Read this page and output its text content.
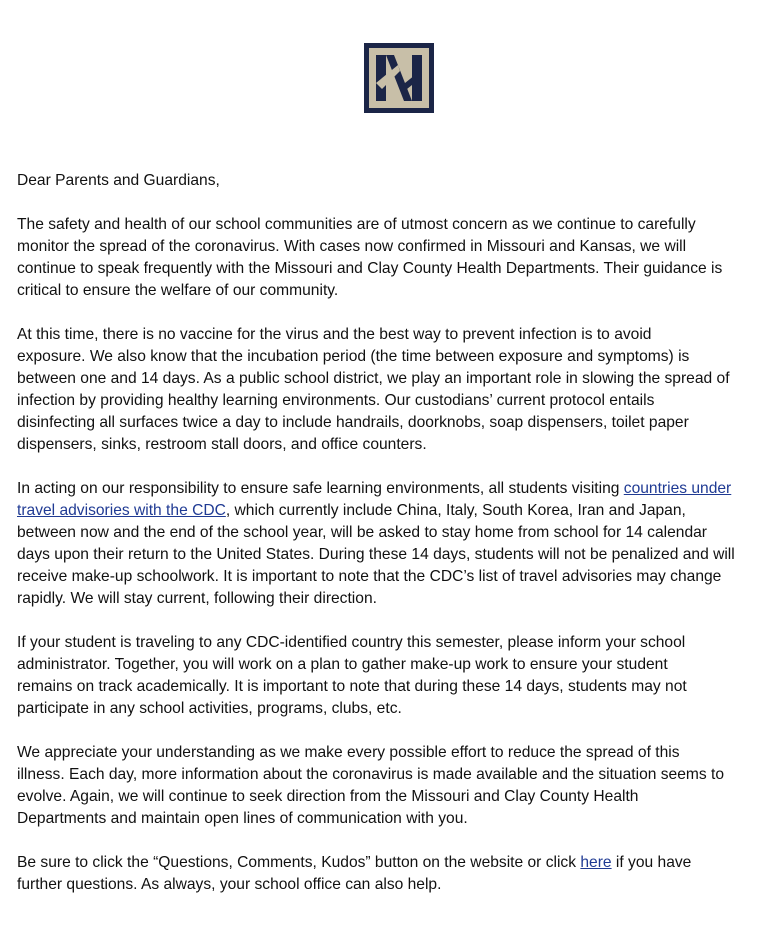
Dear Parents and Guardians,

The safety and health of our school communities are of utmost concern as we continue to carefully
monitor the spread of the coronavirus. With cases now confirmed in Missouri and Kansas, we will
continue to speak frequently with the Missouri and Clay County Health Departments. Their guidance is
critical to ensure the welfare of our community.

At this time, there is no vaccine for the virus and the best way to prevent infection is to avoid
exposure. We also know that the incubation period (the time between exposure and symptoms) is
between one and 14 days. As a public school district, we play an important role in slowing the spread of
infection by providing healthy learning environments. Our custodians’ current protocol entails
disinfecting all surfaces twice a day to include handrails, doorknobs, soap dispensers, toilet paper
dispensers, sinks, restroom stall doors, and office counters.

In acting on our responsibility to ensure safe learning environments, all students visiting countries under
travel advisories with the CDC, which currently include China, Italy, South Korea, Iran and Japan,
between now and the end of the school year, will be asked to stay home from school for 14 calendar
days upon their return to the United States. During these 14 days, students will not be penalized and will
receive make-up schoolwork. It is important to note that the CDC’s list of travel advisories may change
rapidly. We will stay current, following their direction.

If your student is traveling to any CDC-identified country this semester, please inform your school
administrator. Together, you will work on a plan to gather make-up work to ensure your student
remains on track academically. It is important to note that during these 14 days, students may not
participate in any school activities, programs, clubs, etc.

We appreciate your understanding as we make every possible effort to reduce the spread of this
illness. Each day, more information about the coronavirus is made available and the situation seems to
evolve. Again, we will continue to seek direction from the Missouri and Clay County Health
Departments and maintain open lines of communication with you.

Be sure to click the “Questions, Comments, Kudos” button on the website or click here if you have
further questions. As always, your school office can also help.
